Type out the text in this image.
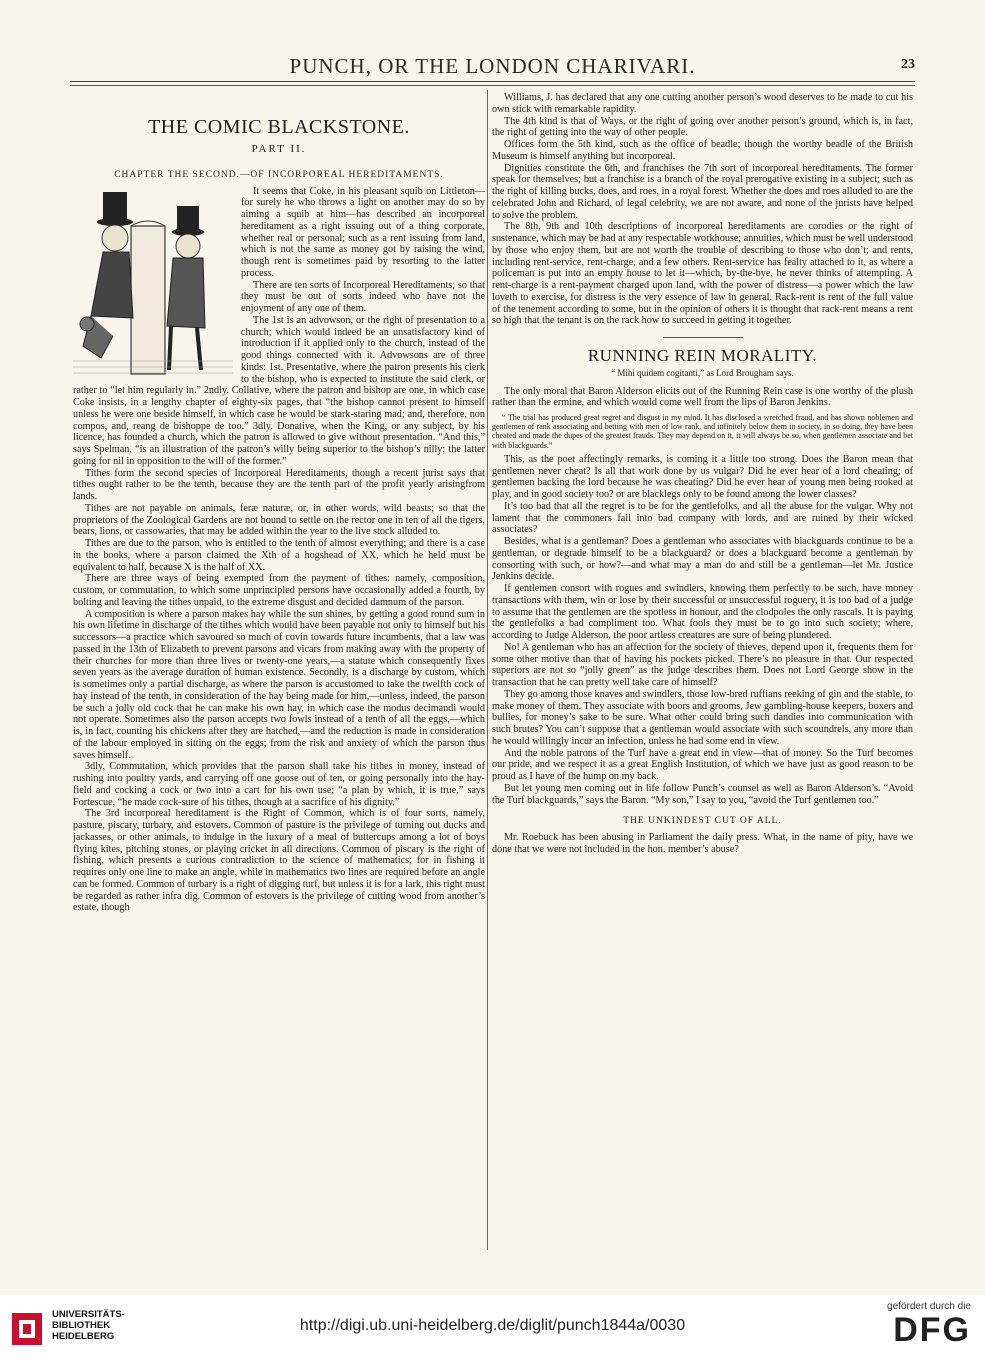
PUNCH, OR THE LONDON CHARIVARI.	23
THE COMIC BLACKSTONE.
PART II.
CHAPTER THE SECOND.—OF INCORPOREAL HEREDITAMENTS.

It seems that Coke, in his pleasant squib on Littleton—for surely he who throws a light on another may do so by aiming a squib at him—has described an incorporeal hereditament as a right issuing out of a thing corporate, whether real or personal; such as a rent issuing from land, which is not the same as money got by raising the wind, though rent is sometimes paid by resorting to the latter process.

There are ten sorts of Incorporeal Hereditaments; so that they must be out of sorts indeed who have not the enjoyment of any one of them.

The 1st is an advowson, or the right of presentation to a church; which would indeed be an unsatisfactory kind of introduction if it applied only to the church, instead of the good things connected with it. Advowsons are of three kinds: 1st. Presentative, where the patron presents his clerk to the bishop, who is expected to institute the said clerk, or rather to “let him regularly in.” 2ndly. Collative, where the patron and bishop are one, in which case Coke insists, in a lengthy chapter of eighty-six pages, that “the bishop cannot present to himself unless he were one beside himself, in which case he would be stark-staring mad; and, therefore, non compos, and, reang de bishoppe de too.” 3dly. Donative, when the King, or any subject, by his licence, has founded a church, which the patron is allowed to give without presentation. “And this,” says Spelman, “is an illustration of the patron’s willy being superior to the bishop’s nilly; the latter going for nil in opposition to the will of the former.”

Tithes form the second species of Incorporeal Hereditaments, though a recent jurist says that tithes ought rather to be the tenth, because they are the tenth part of the profit yearly arisingfrom lands.

Tithes are not payable on animals, feræ naturæ, or, in other words, wild beasts; so that the proprietors of the Zoological Gardens are not bound to settle on the rector one in ten of all the tigers, bears, lions, or cassowaries, that may be added within the year to the live stock alluded to.

Tithes are due to the parson, who is entitled to the tenth of almost everything; and there is a case in the books, where a parson claimed the Xth of a hogshead of XX, which he held must be equivalent to half, because X is the half of XX.

There are three ways of being exempted from the payment of tithes: namely, composition, custom, or commutation, to which some unprincipled persons have occasionally added a fourth, by bolting and leaving the tithes unpaid, to the extreme disgust and decided damnum of the parson.

A composition is where a parson makes hay while the sun shines, by getting a good round sum in his own lifetime in discharge of the tithes which would have been payable not only to himself but his successors—a practice which savoured so much of covin towards future incumbents, that a law was passed in the 13th of Elizabeth to prevent parsons and vicars from making away with the property of their churches for more than three lives or twenty-one years,—a statute which consequently fixes seven years as the average duration of human existence. Secondly, is a discharge by custom, which is sometimes only a partial discharge, as where the parson is accustomed to take the twelfth cock of hay instead of the tenth, in consideration of the hay being made for him,—unless, indeed, the parson be such a jolly old cock that he can make his own hay, in which case the modus decimandi would not operate. Sometimes also the parson accepts two fowls instead of a tenth of all the eggs,—which is, in fact, counting his chickens after they are hatched,—and the reduction is made in consideration of the labour employed in sitting on the eggs; from the risk and anxiety of which the parson thus saves himself.

3dly, Commutation, which provides that the parson shall take his tithes in money, instead of rushing into poultry yards, and carrying off one goose out of ten, or going personally into the hay-field and cocking a cock or two into a cart for his own use; “a plan by which, it is true,” says Fortescue, “he made cock-sure of his tithes, though at a sacrifice of his dignity.”

The 3rd incorporeal hereditament is the Right of Common, which is of four sorts, namely, pasture, piscary, turbary, and estovers. Common of pasture is the privilege of turning out ducks and jackasses, or other animals, to indulge in the luxury of a meal of buttercups among a lot of boys flying kites, pitching stones, or playing cricket in all directions. Common of piscary is the right of fishing, which presents a curious contradiction to the science of mathematics; for in fishing it requires only one line to make an angle, while in mathematics two lines are required before an angle can be formed. Common of turbary is a right of digging turf, but unless it is for a lark, this right must be regarded as rather infra dig. Common of estovers is the privilege of cutting wood from another’s estate, though

Williams, J. has declared that any one cutting another person’s wood deserves to be made to cut his own stick with remarkable rapidity.

The 4th kind is that of Ways, or the right of going over another person’s ground, which is, in fact, the right of getting into the way of other people.

Offices form the 5th kind, such as the office of beadle; though the worthy beadle of the British Museum is himself anything but incorporeal.

Dignities constitute the 6th, and franchises the 7th sort of incorporeal hereditaments. The former speak for themselves; but a franchise is a branch of the royal prerogative existing in a subject; such as the right of killing bucks, does, and roes, in a royal forest. Whether the does and roes alluded to are the celebrated John and Richard, of legal celebrity, we are not aware, and none of the jurists have helped to solve the problem.

The 8th, 9th and 10th descriptions of incorporeal hereditaments are corodies or the right of sustenance, which may be had at any respectable workhouse; annuities, which must be well understood by those who enjoy them, but are not worth the trouble of describing to those who don’t; and rents, including rent-service, rent-charge, and a few others. Rent-service has fealty attached to it, as where a policeman is put into an empty house to let it—which, by-the-bye, he never thinks of attempting. A rent-charge is a rent-payment charged upon land, with the power of distress—a power which the law loveth to exercise, for distress is the very essence of law in general. Rack-rent is rent of the full value of the tenement according to some, but in the opinion of others it is thought that rack-rent means a rent so high that the tenant is on the rack how to succeed in getting it together.

RUNNING REIN MORALITY.
“ Mihi quidem cogitanti,” as Lord Brougham says.

The only moral that Baron Alderson elicits out of the Running Rein case is one worthy of the plush rather than the ermine, and which would come well from the lips of Baron Jenkins.

“ The trial has produced great regret and disgust in my mind. It has disclosed a wretched fraud, and has shown noblemen and gentlemen of rank associating and betting with men of low rank, and infinitely below them in society, in so doing, they have been cheated and made the dupes of the greatest frauds. They may depend on it, it will always be so, when gentlemen associate and bet with blackguards.”

This, as the poet affectingly remarks, is coming it a little too strong. Does the Baron mean that gentlemen never cheat? Is all that work done by us vulgar? Did he ever hear of a lord cheating; of gentlemen backing the lord because he was cheating? Did he ever hear of young men being rooked at play, and in good society too? or are blacklegs only to be found among the lower classes?

It’s too bad that all the regret is to be for the gentlefolks, and all the abuse for the vulgar. Why not lament that the commoners fall into bad company with lords, and are ruined by their wicked associates?

Besides, what is a gentleman? Does a gentleman who associates with blackguards continue to be a gentleman, or degrade himself to be a blackguard? or does a blackguard become a gentleman by consorting with such, or how?—and what may a man do and still be a gentleman—let Mr. Justice Jenkins decide.

If gentlemen consort with rogues and swindlers, knowing them perfectly to be such, have money transactions with them, win or lose by their successful or unsuccessful roguery, it is too bad of a judge to assume that the gentlemen are the spotless in honour, and the clodpoles the only rascals. It is paying the gentlefolks a bad compliment too. What fools they must be to go into such society; where, according to Judge Alderson, the poor artless creatures are sure of being plundered.

No! A gentleman who has an affection for the society of thieves, depend upon it, frequents them for some other motive than that of having his pockets picked. There’s no pleasure in that. Our respected superiors are not so “jolly green” as the judge describes them. Does not Lord George show in the transaction that he can pretty well take care of himself?

They go among those knaves and swindlers, those low-bred ruffians reeking of gin and the stable, to make money of them. They associate with boors and grooms, Jew gambling-house keepers, boxers and bullies, for money’s sake to be sure. What other could bring such dandies into communication with such brutes? You can’t suppose that a gentleman would associate with such scoundrels, any more than he would willingly incur an infection, unless he had some end in view.

And the noble patrons of the Turf have a great end in view—that of money. So the Turf becomes our pride, and we respect it as a great English Institution, of which we have just as good reason to be proud as I have of the hump on my back.

But let young men coming out in life follow Punch’s counsel as well as Baron Alderson’s. “Avoid the Turf blackguards,” says the Baron. “My son,” I say to you, “avoid the Turf gentlemen too.”

THE UNKINDEST CUT OF ALL.

Mr. Roebuck has been abusing in Parliament the daily press. What, in the name of pity, have we done that we were not included in the hon. member’s abuse?

UNIVERSITÄTS-
BIBLIOTHEK
HEIDELBERG
http://digi.ub.uni-heidelberg.de/diglit/punch1844a/0030
gefördert durch die
DFG
